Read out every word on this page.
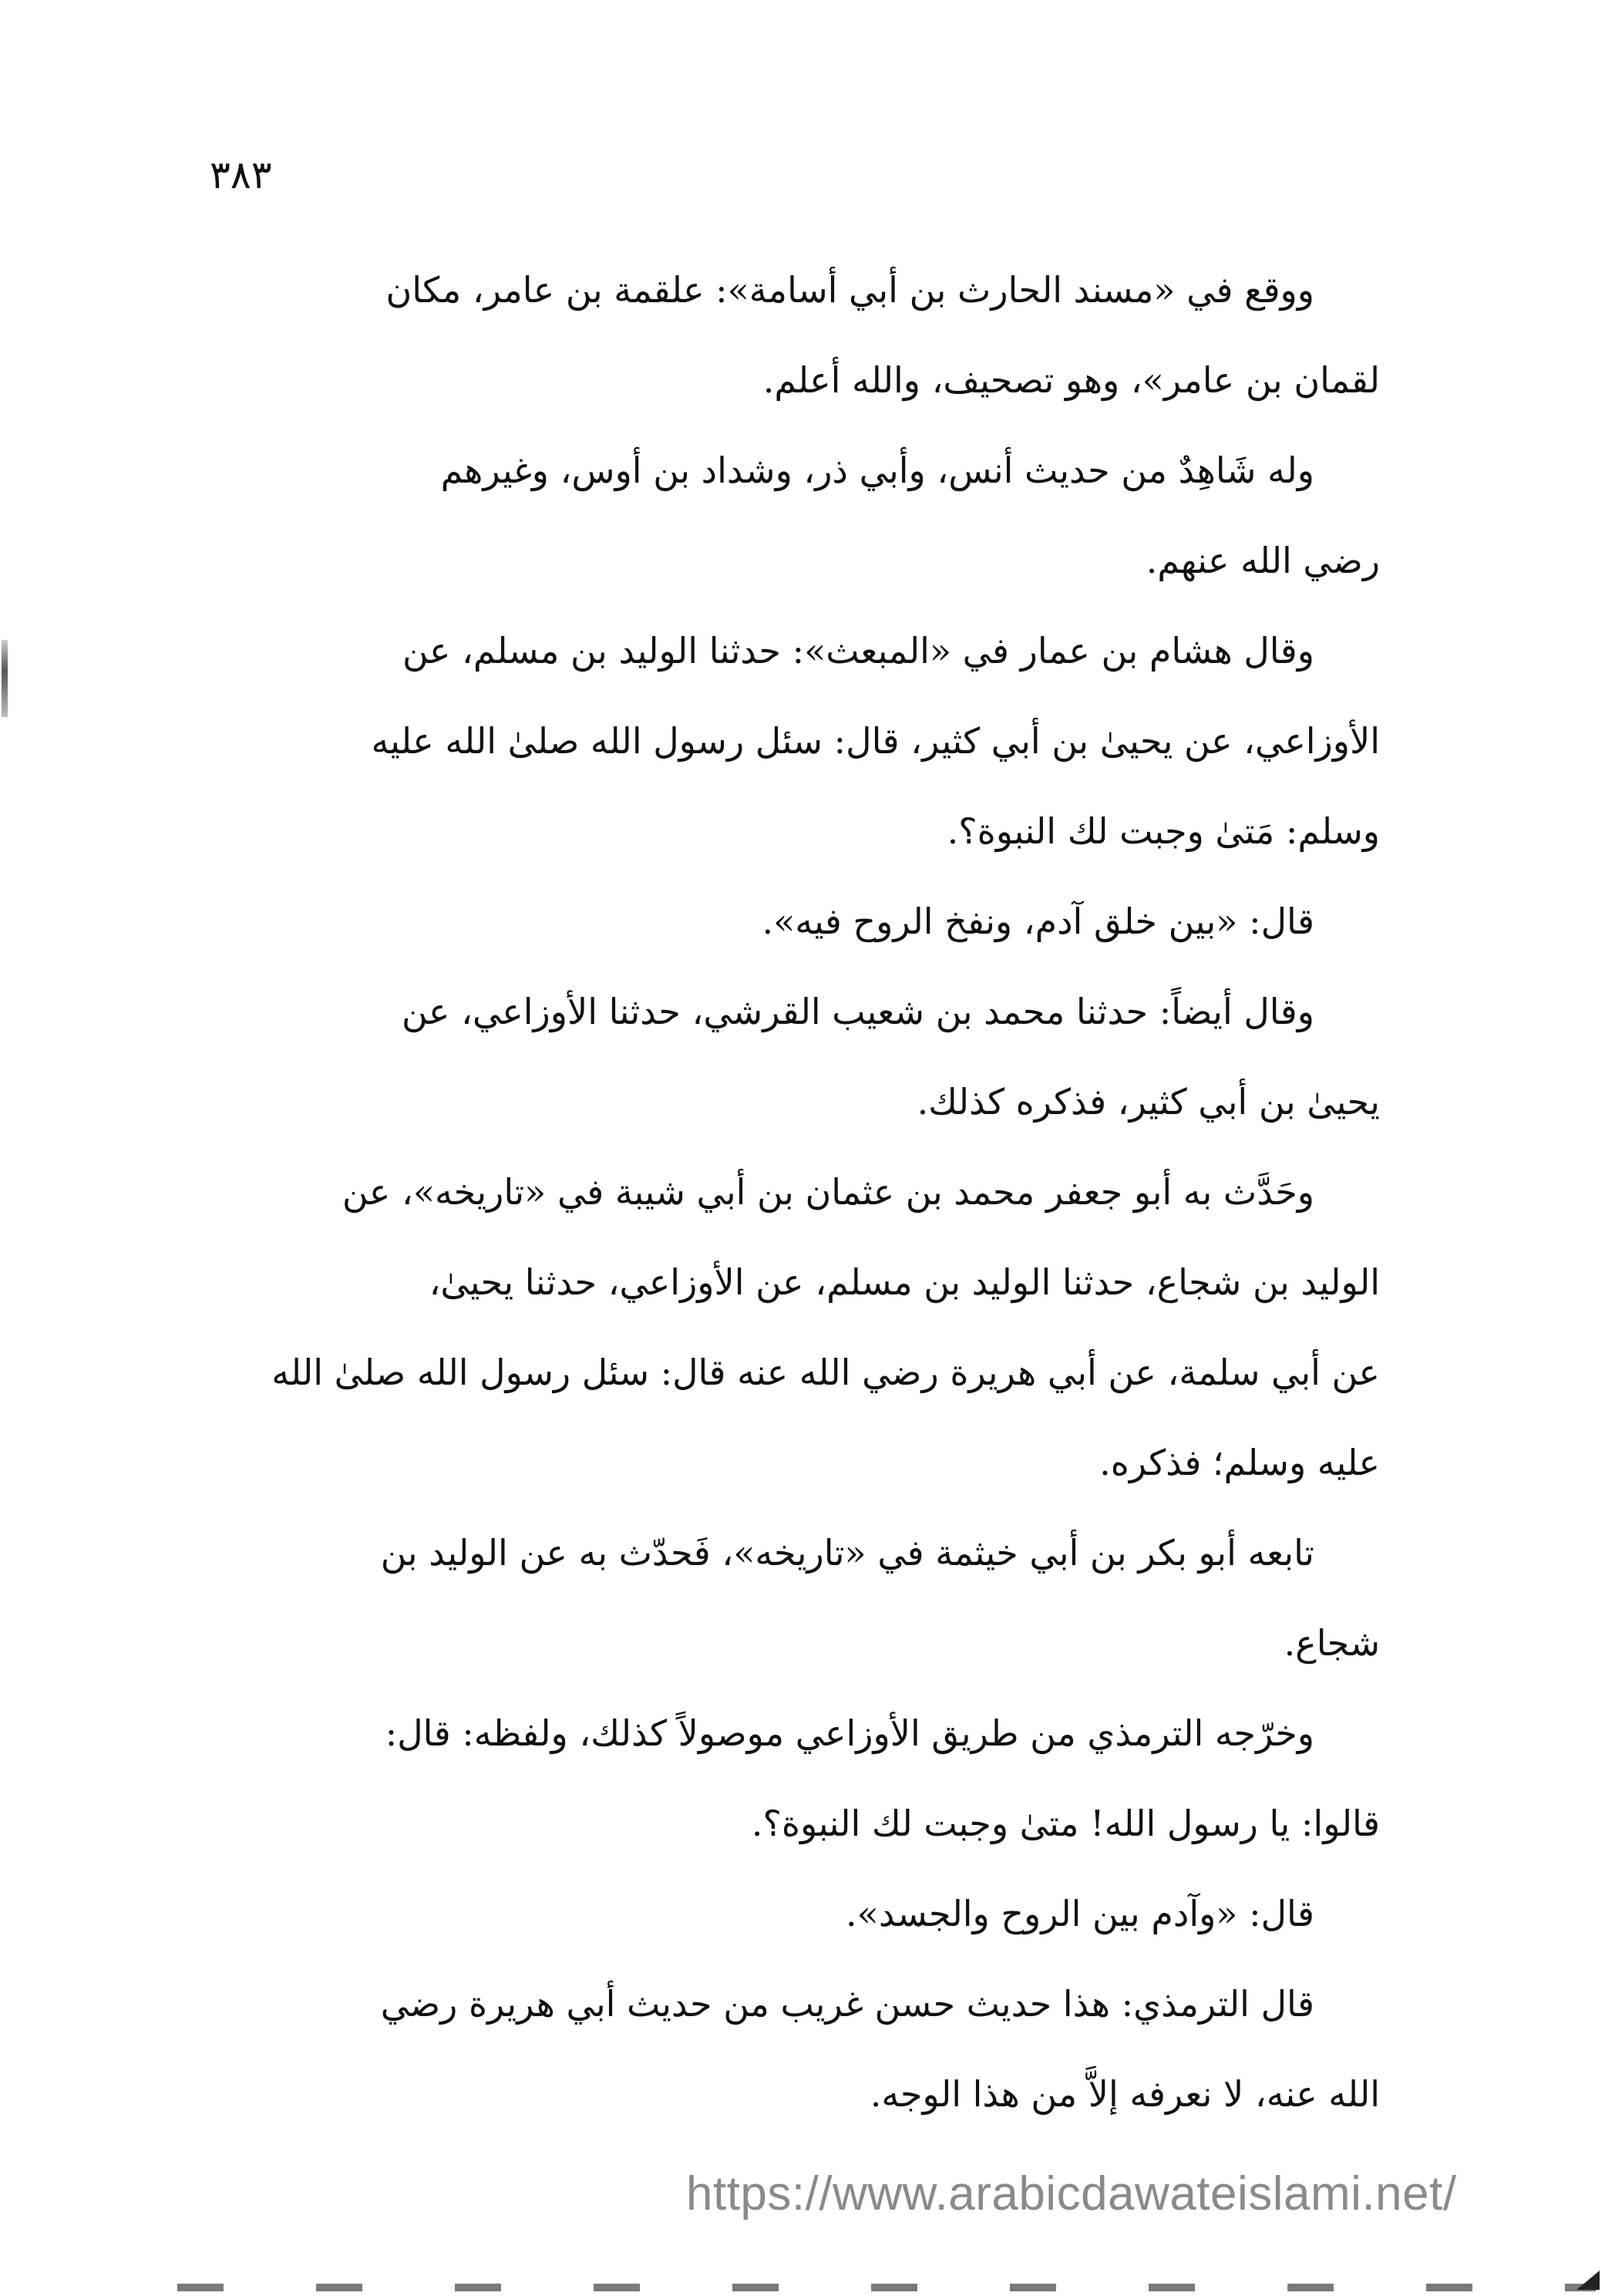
٣٨٣
ووقع في «مسند الحارث بن أبي أسامة»: علقمة بن عامر، مكان
لقمان بن عامر»، وهو تصحيف، والله أعلم.
وله شَاهِدٌ من حديث أنس، وأبي ذر، وشداد بن أوس، وغيرهم
رضي الله عنهم.
وقال هشام بن عمار في «المبعث»: حدثنا الوليد بن مسلم، عن
الأوزاعي، عن يحيىٰ بن أبي كثير، قال: سئل رسول الله صلىٰ الله عليه
وسلم: مَتىٰ وجبت لك النبوة؟.
قال: «بين خلق آدم، ونفخ الروح فيه».
وقال أيضاً: حدثنا محمد بن شعيب القرشي، حدثنا الأوزاعي، عن
يحيىٰ بن أبي كثير، فذكره كذلك.
وحَدَّث به أبو جعفر محمد بن عثمان بن أبي شيبة في «تاريخه»، عن
الوليد بن شجاع، حدثنا الوليد بن مسلم، عن الأوزاعي، حدثنا يحيىٰ،
عن أبي سلمة، عن أبي هريرة رضي الله عنه قال: سئل رسول الله صلىٰ الله
عليه وسلم؛ فذكره.
تابعه أبو بكر بن أبي خيثمة في «تاريخه»، فَحدّث به عن الوليد بن
شجاع.
وخرّجه الترمذي من طريق الأوزاعي موصولاً كذلك، ولفظه: قال:
قالوا: يا رسول الله! متىٰ وجبت لك النبوة؟.
قال: «وآدم بين الروح والجسد».
قال الترمذي: هذا حديث حسن غريب من حديث أبي هريرة رضي
الله عنه، لا نعرفه إلاَّ من هذا الوجه.
https://www.arabicdawateislami.net/
